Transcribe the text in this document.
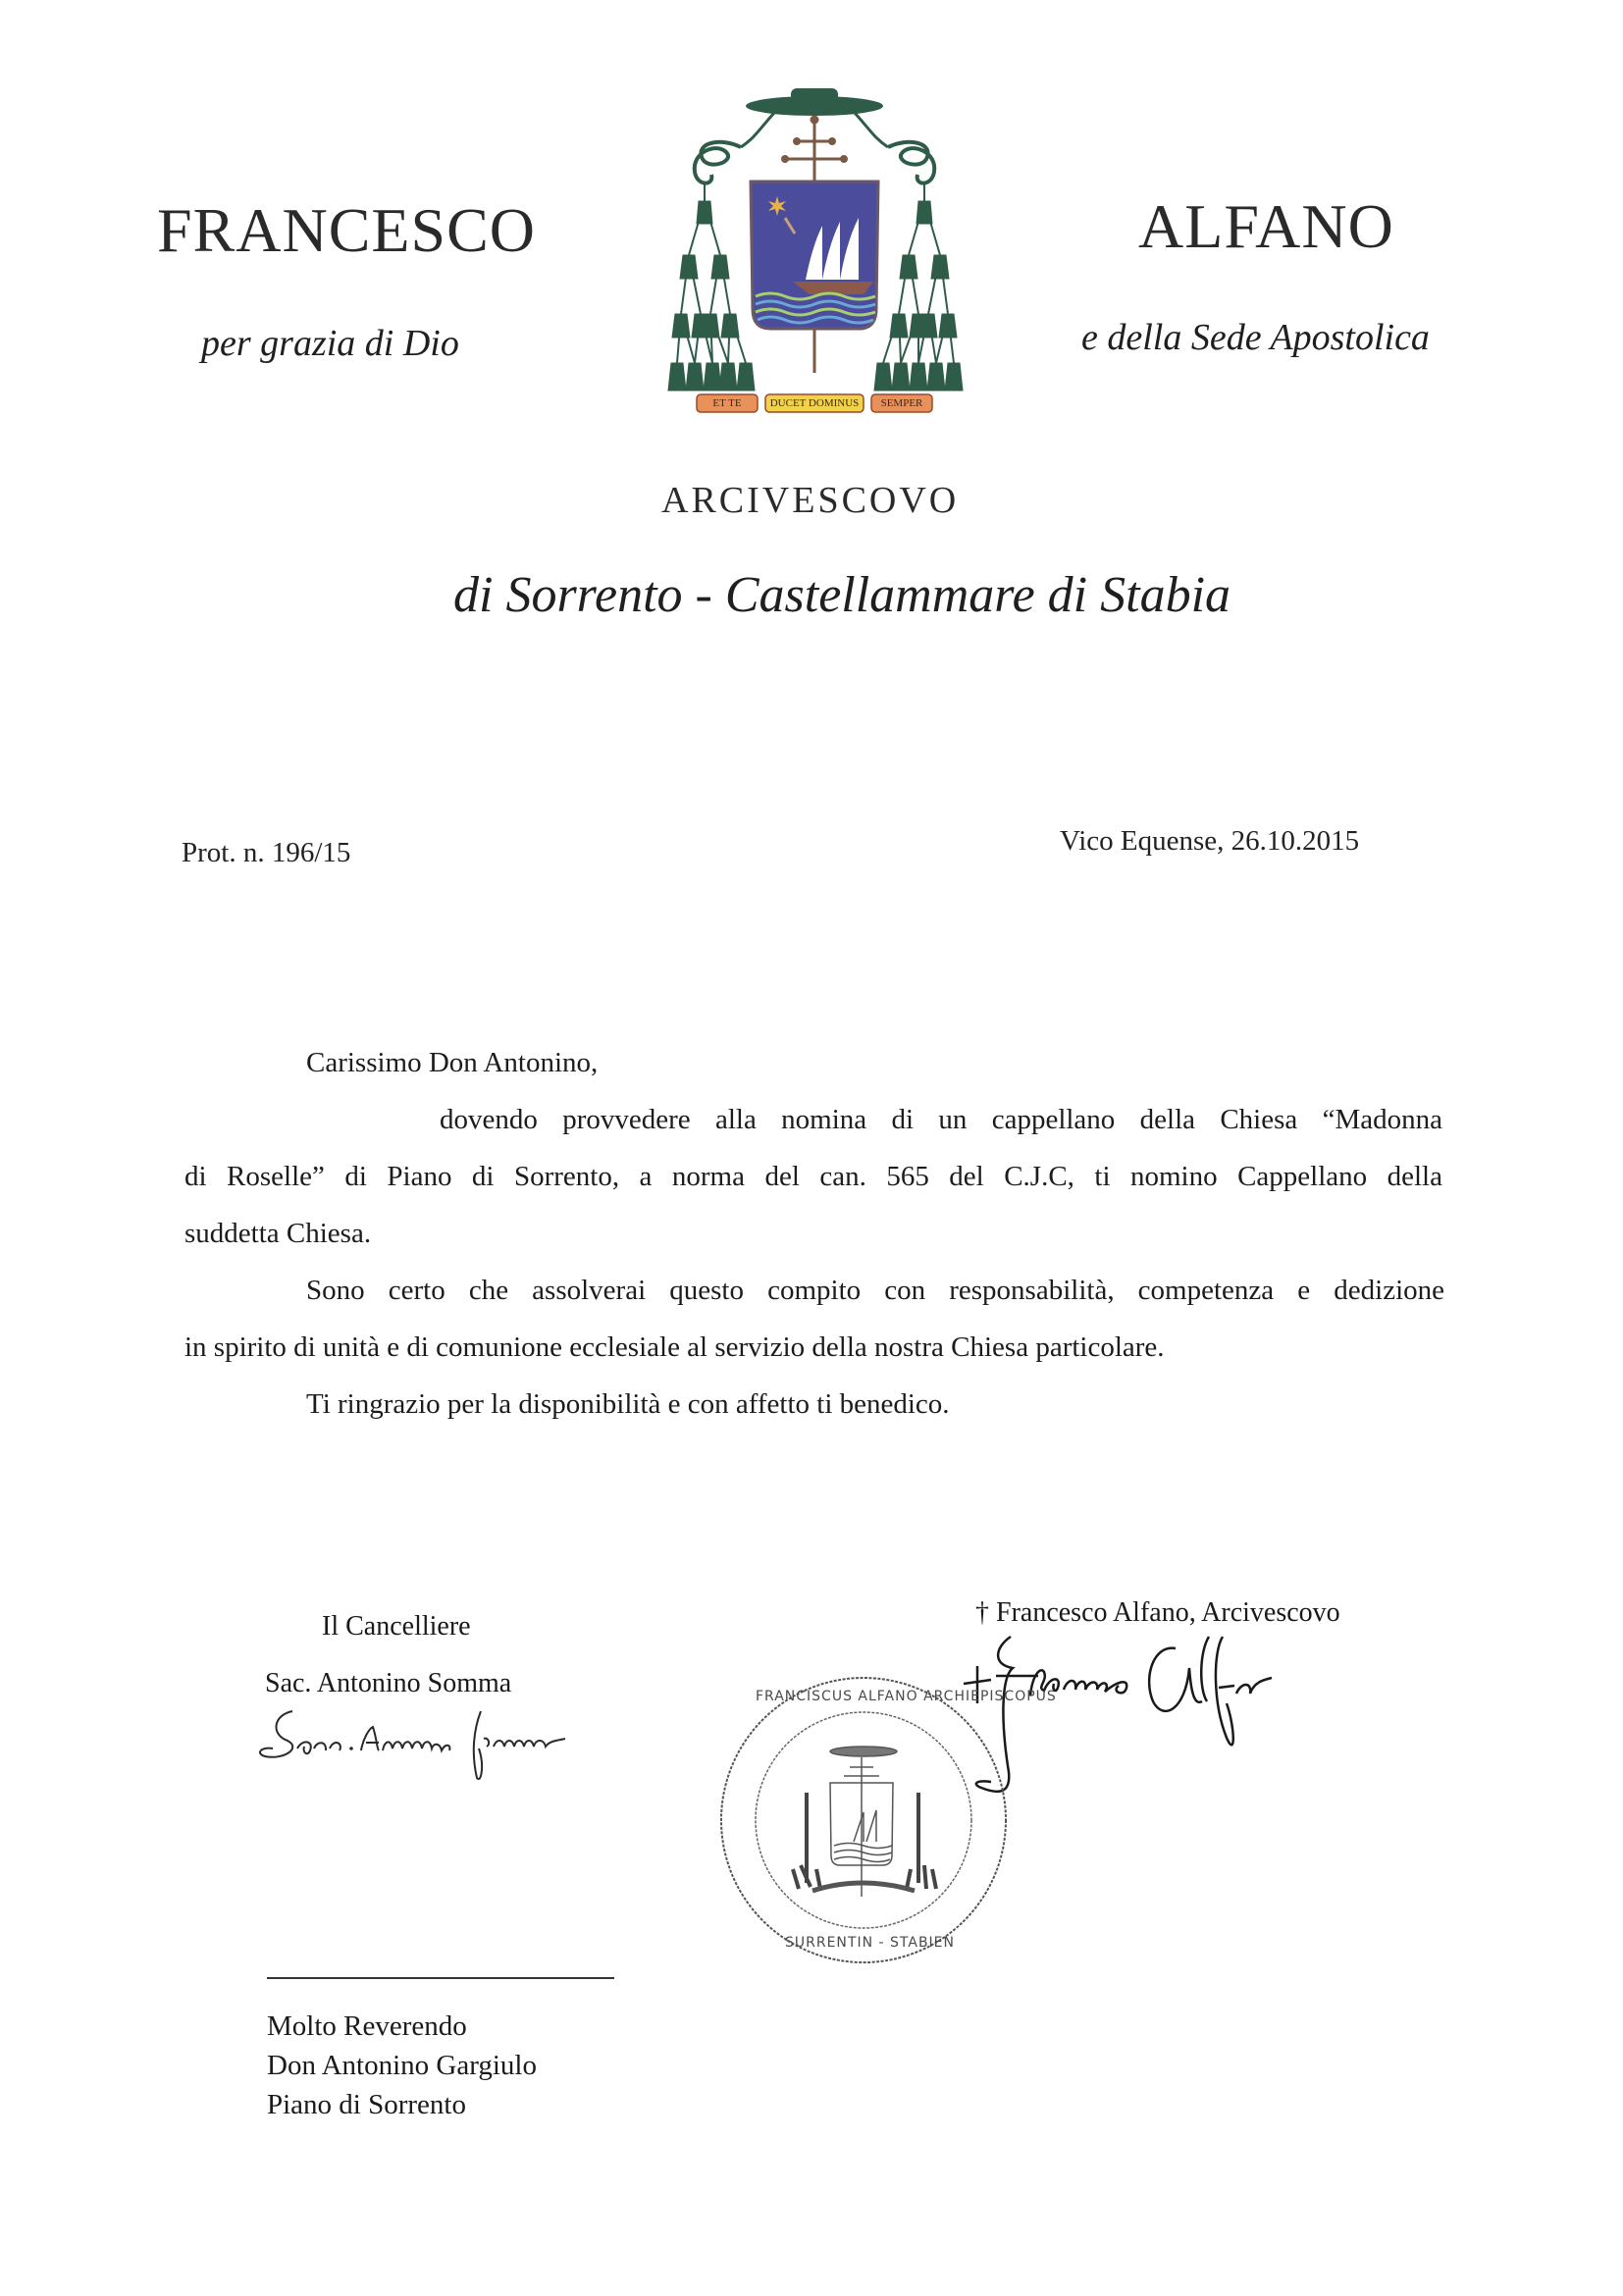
FRANCESCO
per grazia di Dio
ALFANO
e della Sede Apostolica
ET TE	DUCET DOMINUS	SEMPER
ARCIVESCOVO
di Sorrento - Castellammare di Stabia
Prot. n. 196/15	Vico Equense, 26.10.2015
Carissimo Don Antonino,
dovendo provvedere alla nomina di un cappellano della Chiesa “Madonna
di Roselle” di Piano di Sorrento, a norma del can. 565 del C.J.C, ti nomino Cappellano della
suddetta Chiesa.
Sono certo che assolverai questo compito con responsabilità, competenza e dedizione
in spirito di unità e di comunione ecclesiale al servizio della nostra Chiesa particolare.
Ti ringrazio per la disponibilità e con affetto ti benedico.
Il Cancelliere
Sac. Antonino Somma
† Francesco Alfano, Arcivescovo
FRANCISCUS ALFANO ARCHIEPISCOPUS
SURRENTIN - STABIEN
Molto Reverendo
Don Antonino Gargiulo
Piano di Sorrento
